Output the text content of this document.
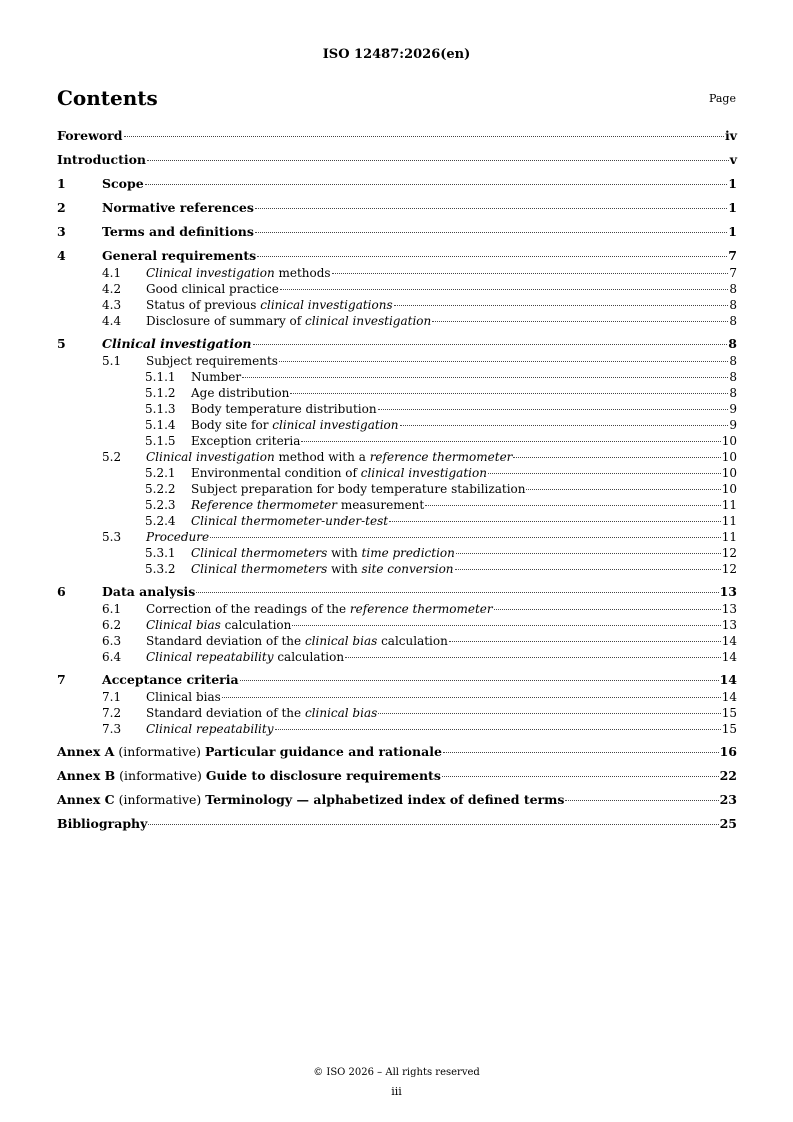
ISO 12487:2026(en)
Contents	Page
Foreword	iv
Introduction	v
1	Scope	1
2	Normative references	1
3	Terms and definitions	1
4	General requirements	7
4.1	Clinical investigation methods	7
4.2	Good clinical practice	8
4.3	Status of previous clinical investigations	8
4.4	Disclosure of summary of clinical investigation	8
5	Clinical investigation	8
5.1	Subject requirements	8
5.1.1	Number	8
5.1.2	Age distribution	8
5.1.3	Body temperature distribution	9
5.1.4	Body site for clinical investigation	9
5.1.5	Exception criteria	10
5.2	Clinical investigation method with a reference thermometer	10
5.2.1	Environmental condition of clinical investigation	10
5.2.2	Subject preparation for body temperature stabilization	10
5.2.3	Reference thermometer measurement	11
5.2.4	Clinical thermometer-under-test	11
5.3	Procedure	11
5.3.1	Clinical thermometers with time prediction	12
5.3.2	Clinical thermometers with site conversion	12
6	Data analysis	13
6.1	Correction of the readings of the reference thermometer	13
6.2	Clinical bias calculation	13
6.3	Standard deviation of the clinical bias calculation	14
6.4	Clinical repeatability calculation	14
7	Acceptance criteria	14
7.1	Clinical bias	14
7.2	Standard deviation of the clinical bias	15
7.3	Clinical repeatability	15
Annex A (informative) Particular guidance and rationale	16
Annex B (informative) Guide to disclosure requirements	22
Annex C (informative) Terminology — alphabetized index of defined terms	23
Bibliography	25
© ISO 2026 – All rights reserved
iii
